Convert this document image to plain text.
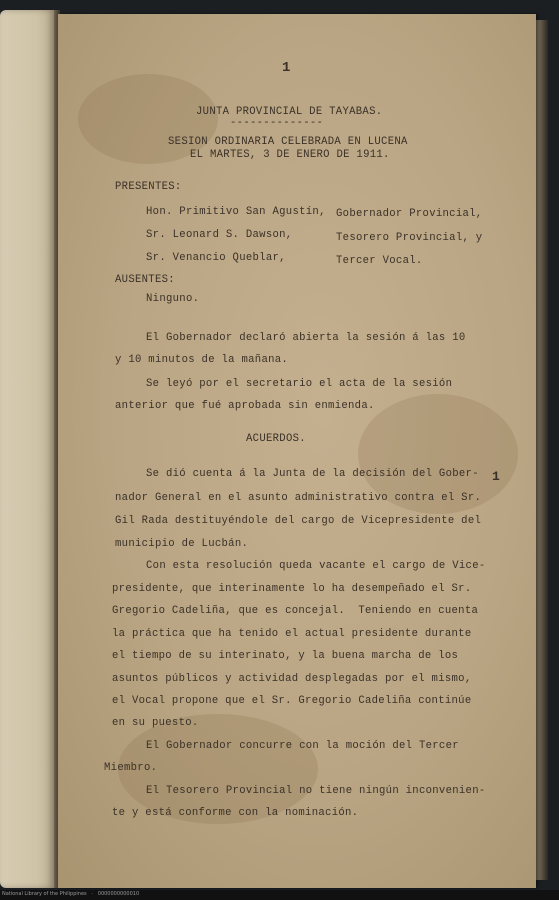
1
JUNTA PROVINCIAL DE TAYABAS.
--------------
SESION ORDINARIA CELEBRADA EN LUCENA
EL MARTES, 3 DE ENERO DE 1911.
PRESENTES:
Hon. Primitivo San Agustín, Gobernador Provincial,
Sr. Leonard S. Dawson,	Tesorero Provincial, y
Sr. Venancio Queblar,	Tercer Vocal.
AUSENTES:
Ninguno.
El Gobernador declaró abierta la sesión á las 10
y 10 minutos de la mañana.
Se leyó por el secretario el acta de la sesión
anterior que fué aprobada sin enmienda.
ACUERDOS.
1
Se dió cuenta á la Junta de la decisión del Gober-
nador General en el asunto administrativo contra el Sr.
Gil Rada destituyéndole del cargo de Vicepresidente del
municipio de Lucbán.
Con esta resolución queda vacante el cargo de Vice-
presidente, que interinamente lo ha desempeñado el Sr.
Gregorio Cadeliña, que es concejal.  Teniendo en cuenta
la práctica que ha tenido el actual presidente durante
el tiempo de su interinato, y la buena marcha de los
asuntos públicos y actividad desplegadas por el mismo,
el Vocal propone que el Sr. Gregorio Cadeliña continúe
en su puesto.
El Gobernador concurre con la moción del Tercer
Miembro.
El Tesorero Provincial no tiene ningún inconvenien-
te y está conforme con la nominación.
National Library of the Philippines   ·   0000000000010
